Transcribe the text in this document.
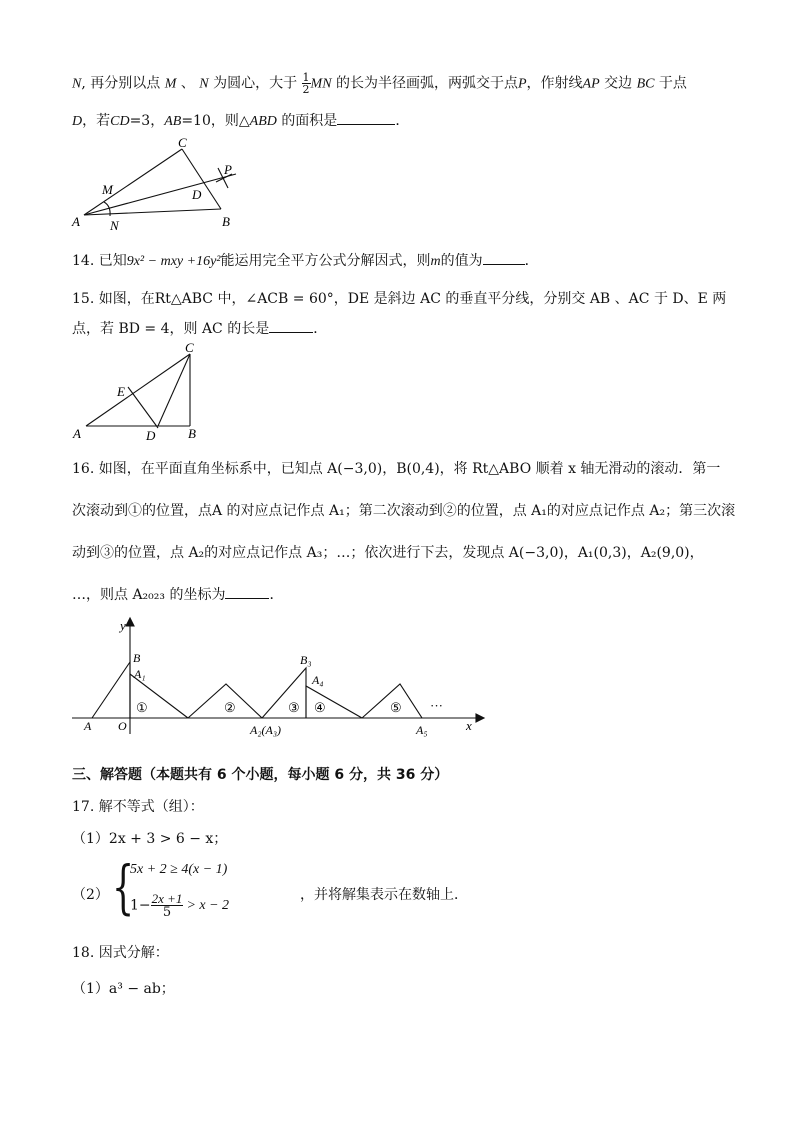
N, 再分别以点 M 、 N 为圆心，大于 $\frac{1}{2}$ MN 的长为半径画弧，两弧交于点P，作射线AP 交边 BC 于点
D，若CD=3，AB=10，则△ABD 的面积是	．
C
P
M	D
A N	B
14. 已知9x² − mxy +16y²能运用完全平方公式分解因式，则m的值为	．
15. 如图，在Rt△ABC 中，∠ACB = 60°，DE 是斜边 AC 的垂直平分线，分别交 AB 、AC 于 D、E 两
点，若 BD = 4，则 AC 的长是	．
C
E
A	D	B
16. 如图，在平面直角坐标系中，已知点 A(−3,0)，B(0,4)，将 Rt△ABO 顺着 x 轴无滑动的滚动．第一
次滚动到①的位置，点A 的对应点记作点 A₁；第二次滚动到②的位置，点 A₁的对应点记作点 A₂；第三次滚
动到③的位置，点 A₂的对应点记作点 A₃；…；依次进行下去，发现点 A(−3,0)，A₁(0,3)，A₂(9,0)，
…，则点 A₂₀₂₃ 的坐标为	．
y
x
B
A₁
A O
①	②
A₂(A₃)
B₃
③
A₄
④	⑤
A₅
···
三、解答题（本题共有 6 个小题，每小题 6 分，共 36 分）
17. 解不等式（组）：
（1）2x + 3 > 6 − x；
（2） {
5x + 2 ≥ 4(x − 1)
$1- \frac{2x +1}{5} > x - 2$
，并将解集表示在数轴上．
18. 因式分解：
（1）a³ − ab；
